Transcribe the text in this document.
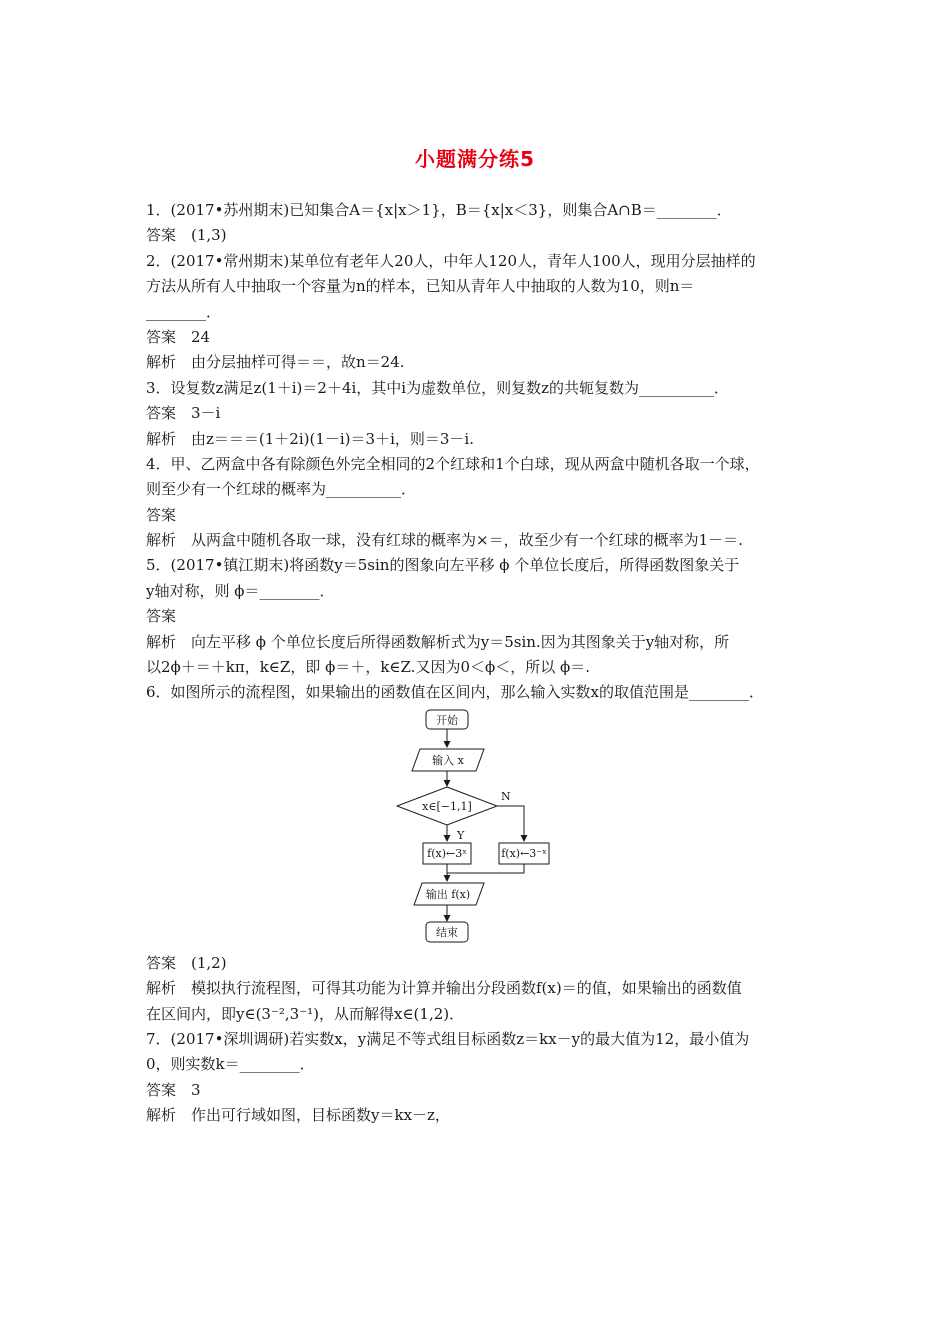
小题满分练5
1．(2017•苏州期末)已知集合A＝{x|x＞1}，B＝{x|x＜3}，则集合A∩B＝________．
答案　(1,3)
2．(2017•常州期末)某单位有老年人20人，中年人120人，青年人100人，现用分层抽样的
方法从所有人中抽取一个容量为n的样本，已知从青年人中抽取的人数为10，则n＝
________．
答案　24
解析　由分层抽样可得＝＝，故n＝24.
3．设复数z满足z(1＋i)＝2＋4i，其中i为虚数单位，则复数z的共轭复数为__________．
答案　3－i
解析　由z＝＝＝(1＋2i)(1－i)＝3＋i，则＝3－i.
4．甲、乙两盒中各有除颜色外完全相同的2个红球和1个白球，现从两盒中随机各取一个球，
则至少有一个红球的概率为__________．
答案
解析　从两盒中随机各取一球，没有红球的概率为×＝，故至少有一个红球的概率为1－＝.
5．(2017•镇江期末)将函数y＝5sin的图象向左平移 ϕ 个单位长度后，所得函数图象关于
y轴对称，则 ϕ＝________．
答案
解析　向左平移 ϕ 个单位长度后所得函数解析式为y＝5sin.因为其图象关于y轴对称，所
以2ϕ＋＝＋kπ，k∈Z，即 ϕ＝＋，k∈Z.又因为0＜ϕ＜，所以 ϕ＝.
6．如图所示的流程图，如果输出的函数值在区间内，那么输入实数x的取值范围是________．
开始
输入 x
x∈[−1,1]
Y
N
f(x)←3ˣ	f(x)←3⁻ˣ
输出 f(x)
结束
答案　(1,2)
解析　模拟执行流程图，可得其功能为计算并输出分段函数f(x)＝的值，如果输出的函数值
在区间内，即y∈(3⁻²,3⁻¹)，从而解得x∈(1,2)．
7．(2017•深圳调研)若实数x，y满足不等式组目标函数z＝kx－y的最大值为12，最小值为
0，则实数k＝________．
答案　3
解析　作出可行域如图，目标函数y＝kx－z，
